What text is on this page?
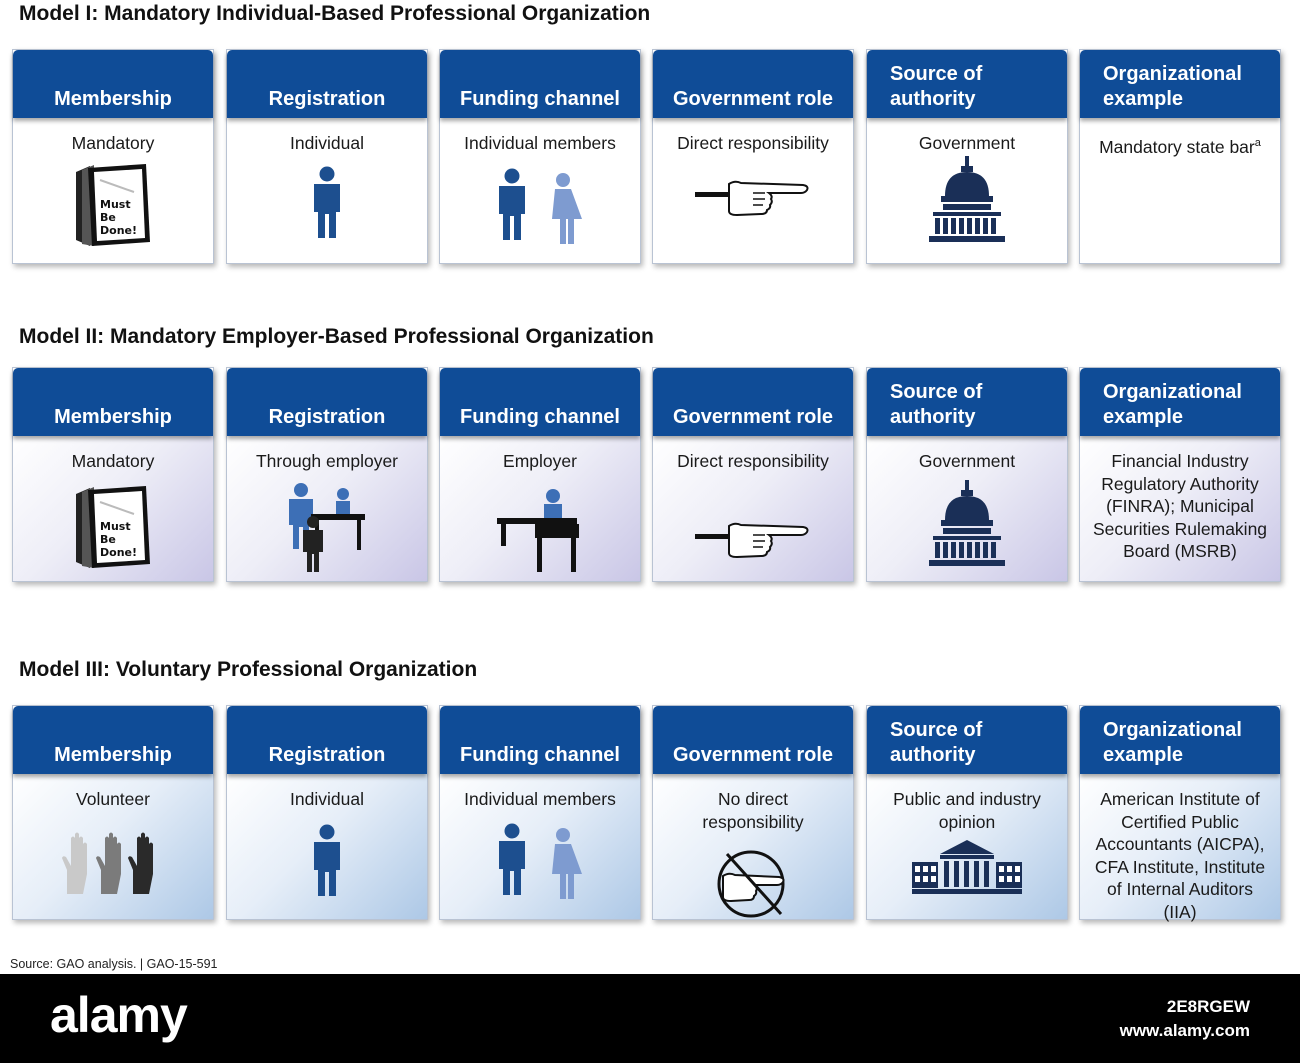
Model I: Mandatory Individual-Based Professional Organization
Membership
Mandatory
Must
Be
Done!
Registration
Individual
Funding channel
Individual members
Government role
Direct responsibility
Source of
authority
Government
Organizational
example
Mandatory state bar$^a$
Model II: Mandatory Employer-Based Professional Organization
Membership
Mandatory
Must
Be
Done!
Registration
Through employer
Funding channel
Employer
Government role
Direct responsibility
Source of
authority
Government
Organizational
example
Financial Industry
Regulatory Authority
(FINRA); Municipal
Securities Rulemaking
Board (MSRB)
Model III: Voluntary Professional Organization
Membership
Volunteer
Registration
Individual
Funding channel
Individual members
Government role
No direct
responsibility
Source of
authority
Public and industry
opinion
Organizational
example
American Institute of
Certified Public
Accountants (AICPA),
CFA Institute, Institute
of Internal Auditors
(IIA)
Source: GAO analysis. | GAO-15-591
alamy	2E8RGEW
www.alamy.com
